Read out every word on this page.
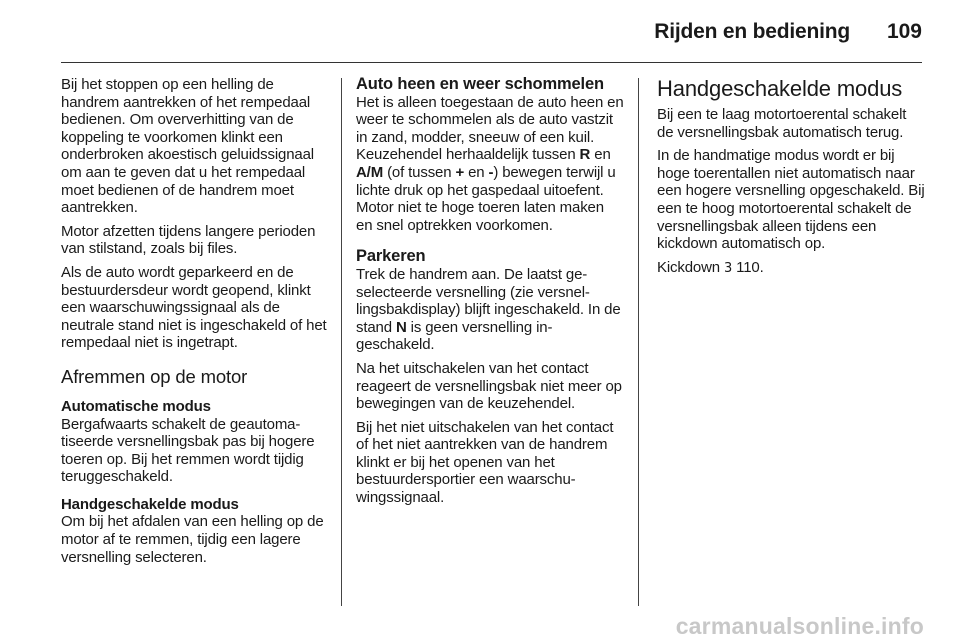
Rijden en bediening 109

Bij het stoppen op een helling de handrem aantrekken of het rempedaal bedienen. Om oververhitting van de koppeling te voorkomen klinkt een onderbroken akoestisch geluidssignaal om aan te geven dat u het rempedaal moet bedienen of de handrem moet aantrekken.

Motor afzetten tijdens langere perioden van stilstand, zoals bij files.

Als de auto wordt geparkeerd en de bestuurdersdeur wordt geopend, klinkt een waarschuwingssignaal als de neutrale stand niet is ingeschakeld of het rempedaal niet is ingetrapt.

Afremmen op de motor
Automatische modus

Bergafwaarts schakelt de geautomatiseerde versnellingsbak pas bij hogere toeren op. Bij het remmen wordt tijdig teruggeschakeld.

Handgeschakelde modus

Om bij het afdalen van een helling op de motor af te remmen, tijdig een lagere versnelling selecteren.

Auto heen en weer schommelen

Het is alleen toegestaan de auto heen en weer te schommelen als de auto vastzit in zand, modder, sneeuw of een kuil. Keuzehendel herhaaldelijk tussen R en A/M (of tussen + en -) bewegen terwijl u lichte druk op het gaspedaal uitoefent. Motor niet te hoge toeren laten maken en snel optrekken voorkomen.

Parkeren

Trek de handrem aan. De laatst geselecteerde versnelling (zie versnellingsbakdisplay) blijft ingeschakeld. In de stand N is geen versnelling ingeschakeld.

Na het uitschakelen van het contact reageert de versnellingsbak niet meer op bewegingen van de keuzehendel.

Bij het niet uitschakelen van het contact of het niet aantrekken van de handrem klinkt er bij het openen van het bestuurdersportier een waarschuwingssignaal.

Handgeschakelde modus

Bij een te laag motortoerental schakelt de versnellingsbak automatisch terug.

In de handmatige modus wordt er bij hoge toerentallen niet automatisch naar een hogere versnelling opgeschakeld. Bij een te hoog motortoerental schakelt de versnellingsbak alleen tijdens een kickdown automatisch op.

Kickdown 3 110.

carmanualsonline.info
